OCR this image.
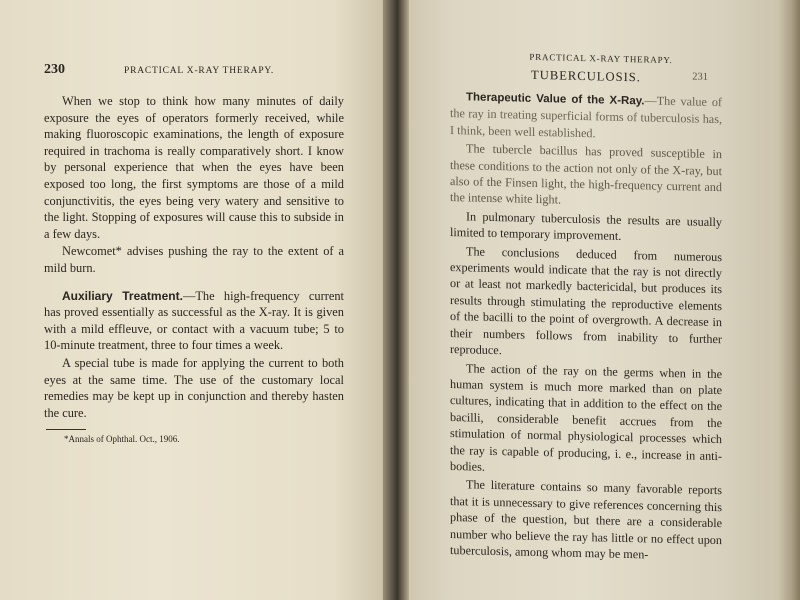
230	PRACTICAL X-RAY THERAPY.

When we stop to think how many minutes of daily exposure the eyes of operators formerly received, while making fluoroscopic examinations, the length of exposure required in trachoma is really comparatively short. I know by personal experience that when the eyes have been exposed too long, the first symptoms are those of a mild conjunctivitis, the eyes being very watery and sensitive to the light. Stopping of exposures will cause this to subside in a few days.

Newcomet* advises pushing the ray to the extent of a mild burn.

Auxiliary Treatment.—The high-frequency current has proved essentially as successful as the X-ray. It is given with a mild effleuve, or contact with a vacuum tube; 5 to 10-minute treatment, three to four times a week.

A special tube is made for applying the current to both eyes at the same time. The use of the customary local remedies may be kept up in conjunction and thereby hasten the cure.

*Annals of Ophthal. Oct., 1906.
PRACTICAL X-RAY THERAPY.
TUBERCULOSIS.	231

Therapeutic Value of the X-Ray.—The value of the ray in treating superficial forms of tuberculosis has, I think, been well established.

The tubercle bacillus has proved susceptible in these conditions to the action not only of the X-ray, but also of the Finsen light, the high-frequency current and the intense white light.

In pulmonary tuberculosis the results are usually limited to temporary improvement.

The conclusions deduced from numerous experiments would indicate that the ray is not directly or at least not markedly bactericidal, but produces its results through stimulating the reproductive elements of the bacilli to the point of overgrowth. A decrease in their numbers follows from inability to further reproduce.

The action of the ray on the germs when in the human system is much more marked than on plate cultures, indicating that in addition to the effect on the bacilli, considerable benefit accrues from the stimulation of normal physiological processes which the ray is capable of producing, i. e., increase in anti-bodies.

The literature contains so many favorable reports that it is unnecessary to give references concerning this phase of the question, but there are a considerable number who believe the ray has little or no effect upon tuberculosis, among whom may be men-
